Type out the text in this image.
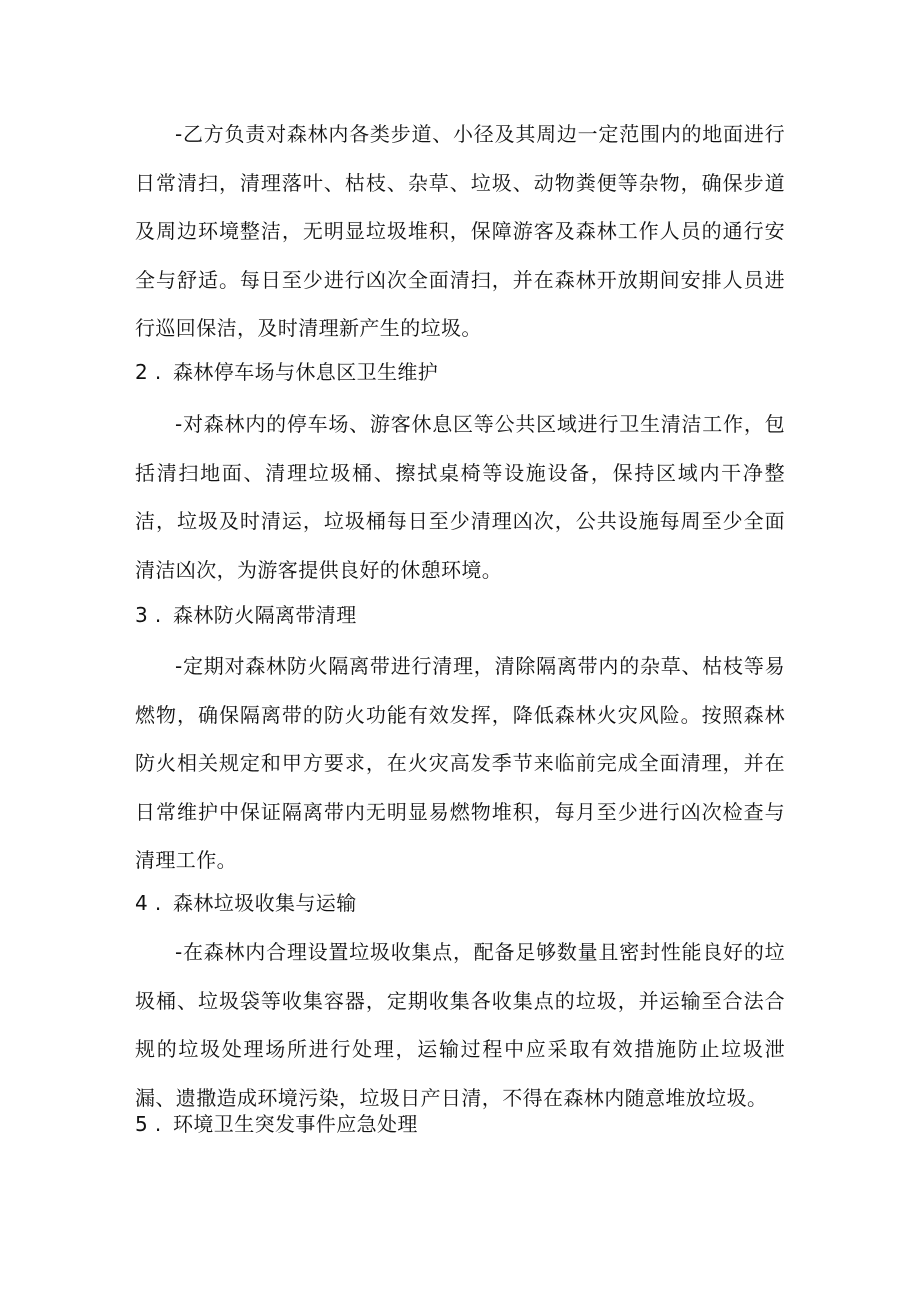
-乙方负责对森林内各类步道、小径及其周边一定范围内的地面进行日常清扫，清理落叶、枯枝、杂草、垃圾、动物粪便等杂物，确保步道及周边环境整洁，无明显垃圾堆积，保障游客及森林工作人员的通行安全与舒适。每日至少进行凶次全面清扫，并在森林开放期间安排人员进行巡回保洁，及时清理新产生的垃圾。

2 . 森林停车场与休息区卫生维护

-对森林内的停车场、游客休息区等公共区域进行卫生清洁工作，包括清扫地面、清理垃圾桶、擦拭桌椅等设施设备，保持区域内干净整洁，垃圾及时清运，垃圾桶每日至少清理凶次，公共设施每周至少全面清洁凶次，为游客提供良好的休憩环境。

3 . 森林防火隔离带清理

-定期对森林防火隔离带进行清理，清除隔离带内的杂草、枯枝等易燃物，确保隔离带的防火功能有效发挥，降低森林火灾风险。按照森林防火相关规定和甲方要求，在火灾高发季节来临前完成全面清理，并在日常维护中保证隔离带内无明显易燃物堆积，每月至少进行凶次检查与清理工作。

4 . 森林垃圾收集与运输

-在森林内合理设置垃圾收集点，配备足够数量且密封性能良好的垃圾桶、垃圾袋等收集容器，定期收集各收集点的垃圾，并运输至合法合规的垃圾处理场所进行处理，运输过程中应采取有效措施防止垃圾泄漏、遗撒造成环境污染，垃圾日产日清，不得在森林内随意堆放垃圾。

5 . 环境卫生突发事件应急处理
